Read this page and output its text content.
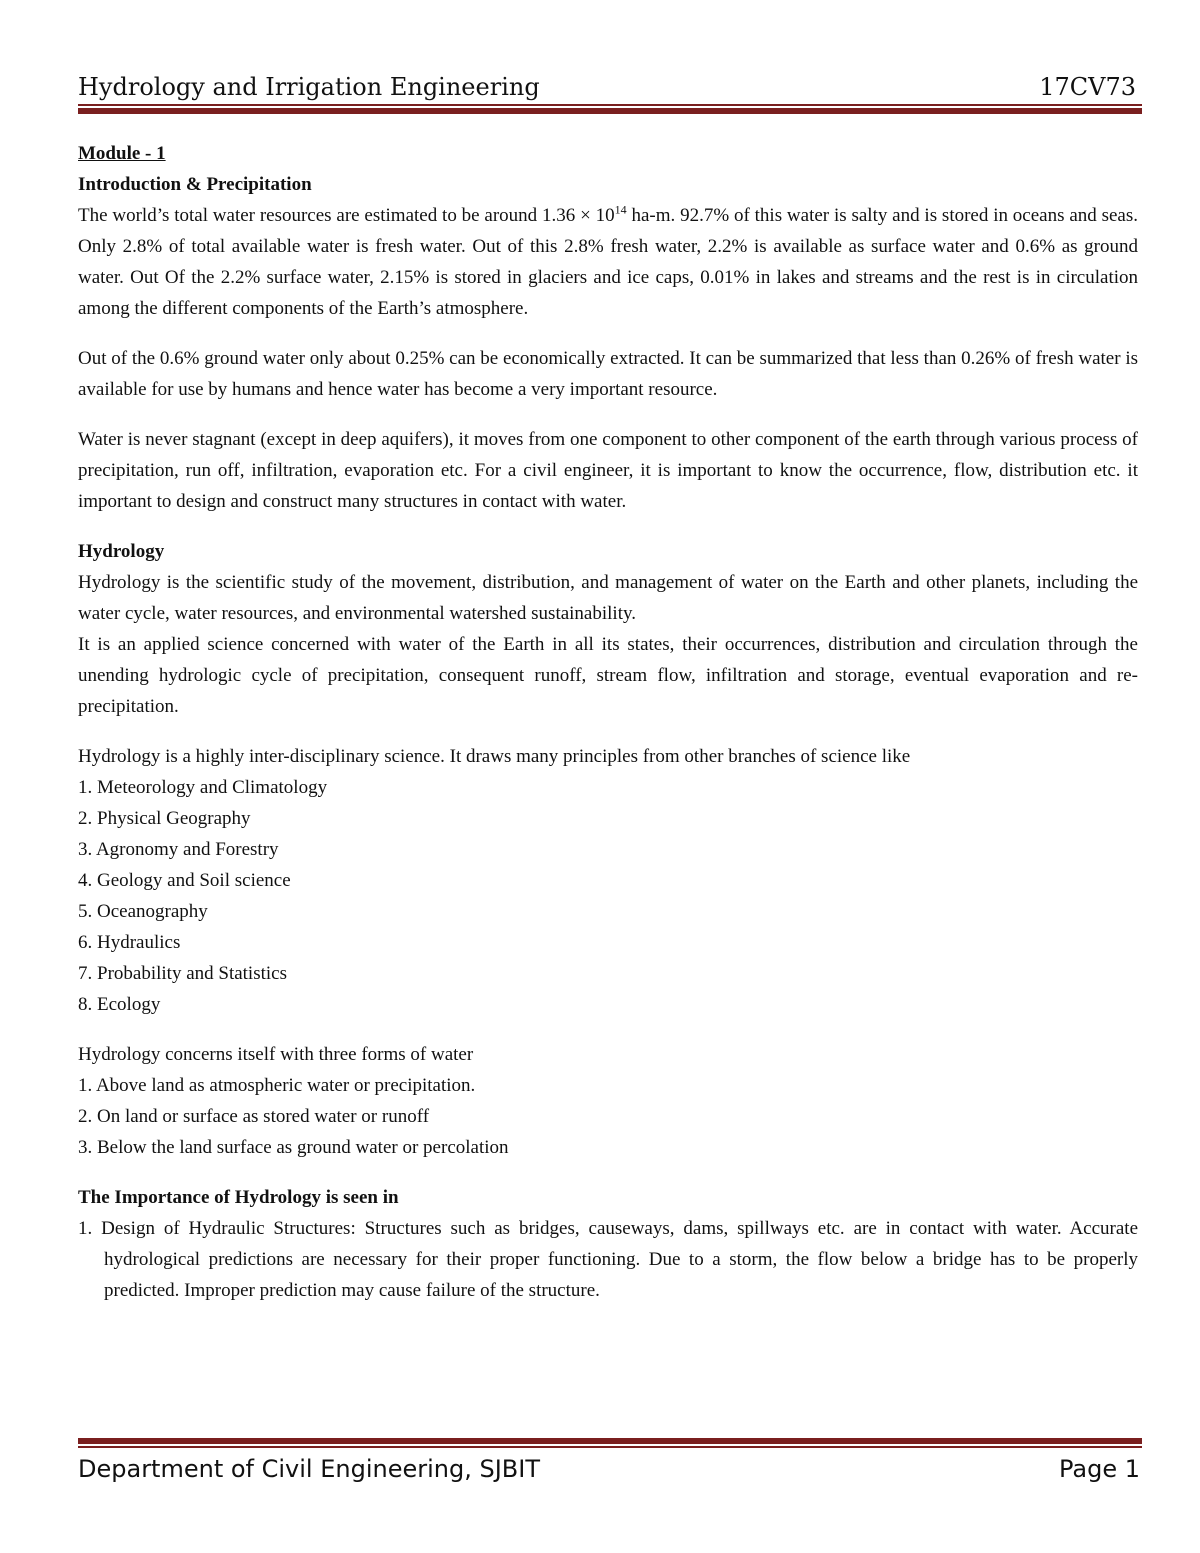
Hydrology and Irrigation Engineering	17CV73

Module - 1

Introduction & Precipitation

The world’s total water resources are estimated to be around $1.36 \times 10^{14}$ ha-m. 92.7% of this water is salty and is stored in oceans and seas. Only 2.8% of total available water is fresh water. Out of this 2.8% fresh water, 2.2% is available as surface water and 0.6% as ground water. Out Of the 2.2% surface water, 2.15% is stored in glaciers and ice caps, 0.01% in lakes and streams and the rest is in circulation among the different components of the Earth’s atmosphere.

Out of the 0.6% ground water only about 0.25% can be economically extracted. It can be summarized that less than 0.26% of fresh water is available for use by humans and hence water has become a very important resource.

Water is never stagnant (except in deep aquifers), it moves from one component to other component of the earth through various process of precipitation, run off, infiltration, evaporation etc. For a civil engineer, it is important to know the occurrence, flow, distribution etc. it important to design and construct many structures in contact with water.

Hydrology

Hydrology is the scientific study of the movement, distribution, and management of water on the Earth and other planets, including the water cycle, water resources, and environmental watershed sustainability.

It is an applied science concerned with water of the Earth in all its states, their occurrences, distribution and circulation through the unending hydrologic cycle of precipitation, consequent runoff, stream flow, infiltration and storage, eventual evaporation and re-precipitation.

Hydrology is a highly inter-disciplinary science. It draws many principles from other branches of science like

1. Meteorology and Climatology
2. Physical Geography
3. Agronomy and Forestry
4. Geology and Soil science
5. Oceanography
6. Hydraulics
7. Probability and Statistics
8. Ecology

Hydrology concerns itself with three forms of water

1. Above land as atmospheric water or precipitation.
2. On land or surface as stored water or runoff
3. Below the land surface as ground water or percolation

The Importance of Hydrology is seen in

1. Design of Hydraulic Structures: Structures such as bridges, causeways, dams, spillways etc. are in contact with water. Accurate hydrological predictions are necessary for their proper functioning. Due to a storm, the flow below a bridge has to be properly predicted. Improper prediction may cause failure of the structure.
Department of Civil Engineering, SJBIT	Page 1
